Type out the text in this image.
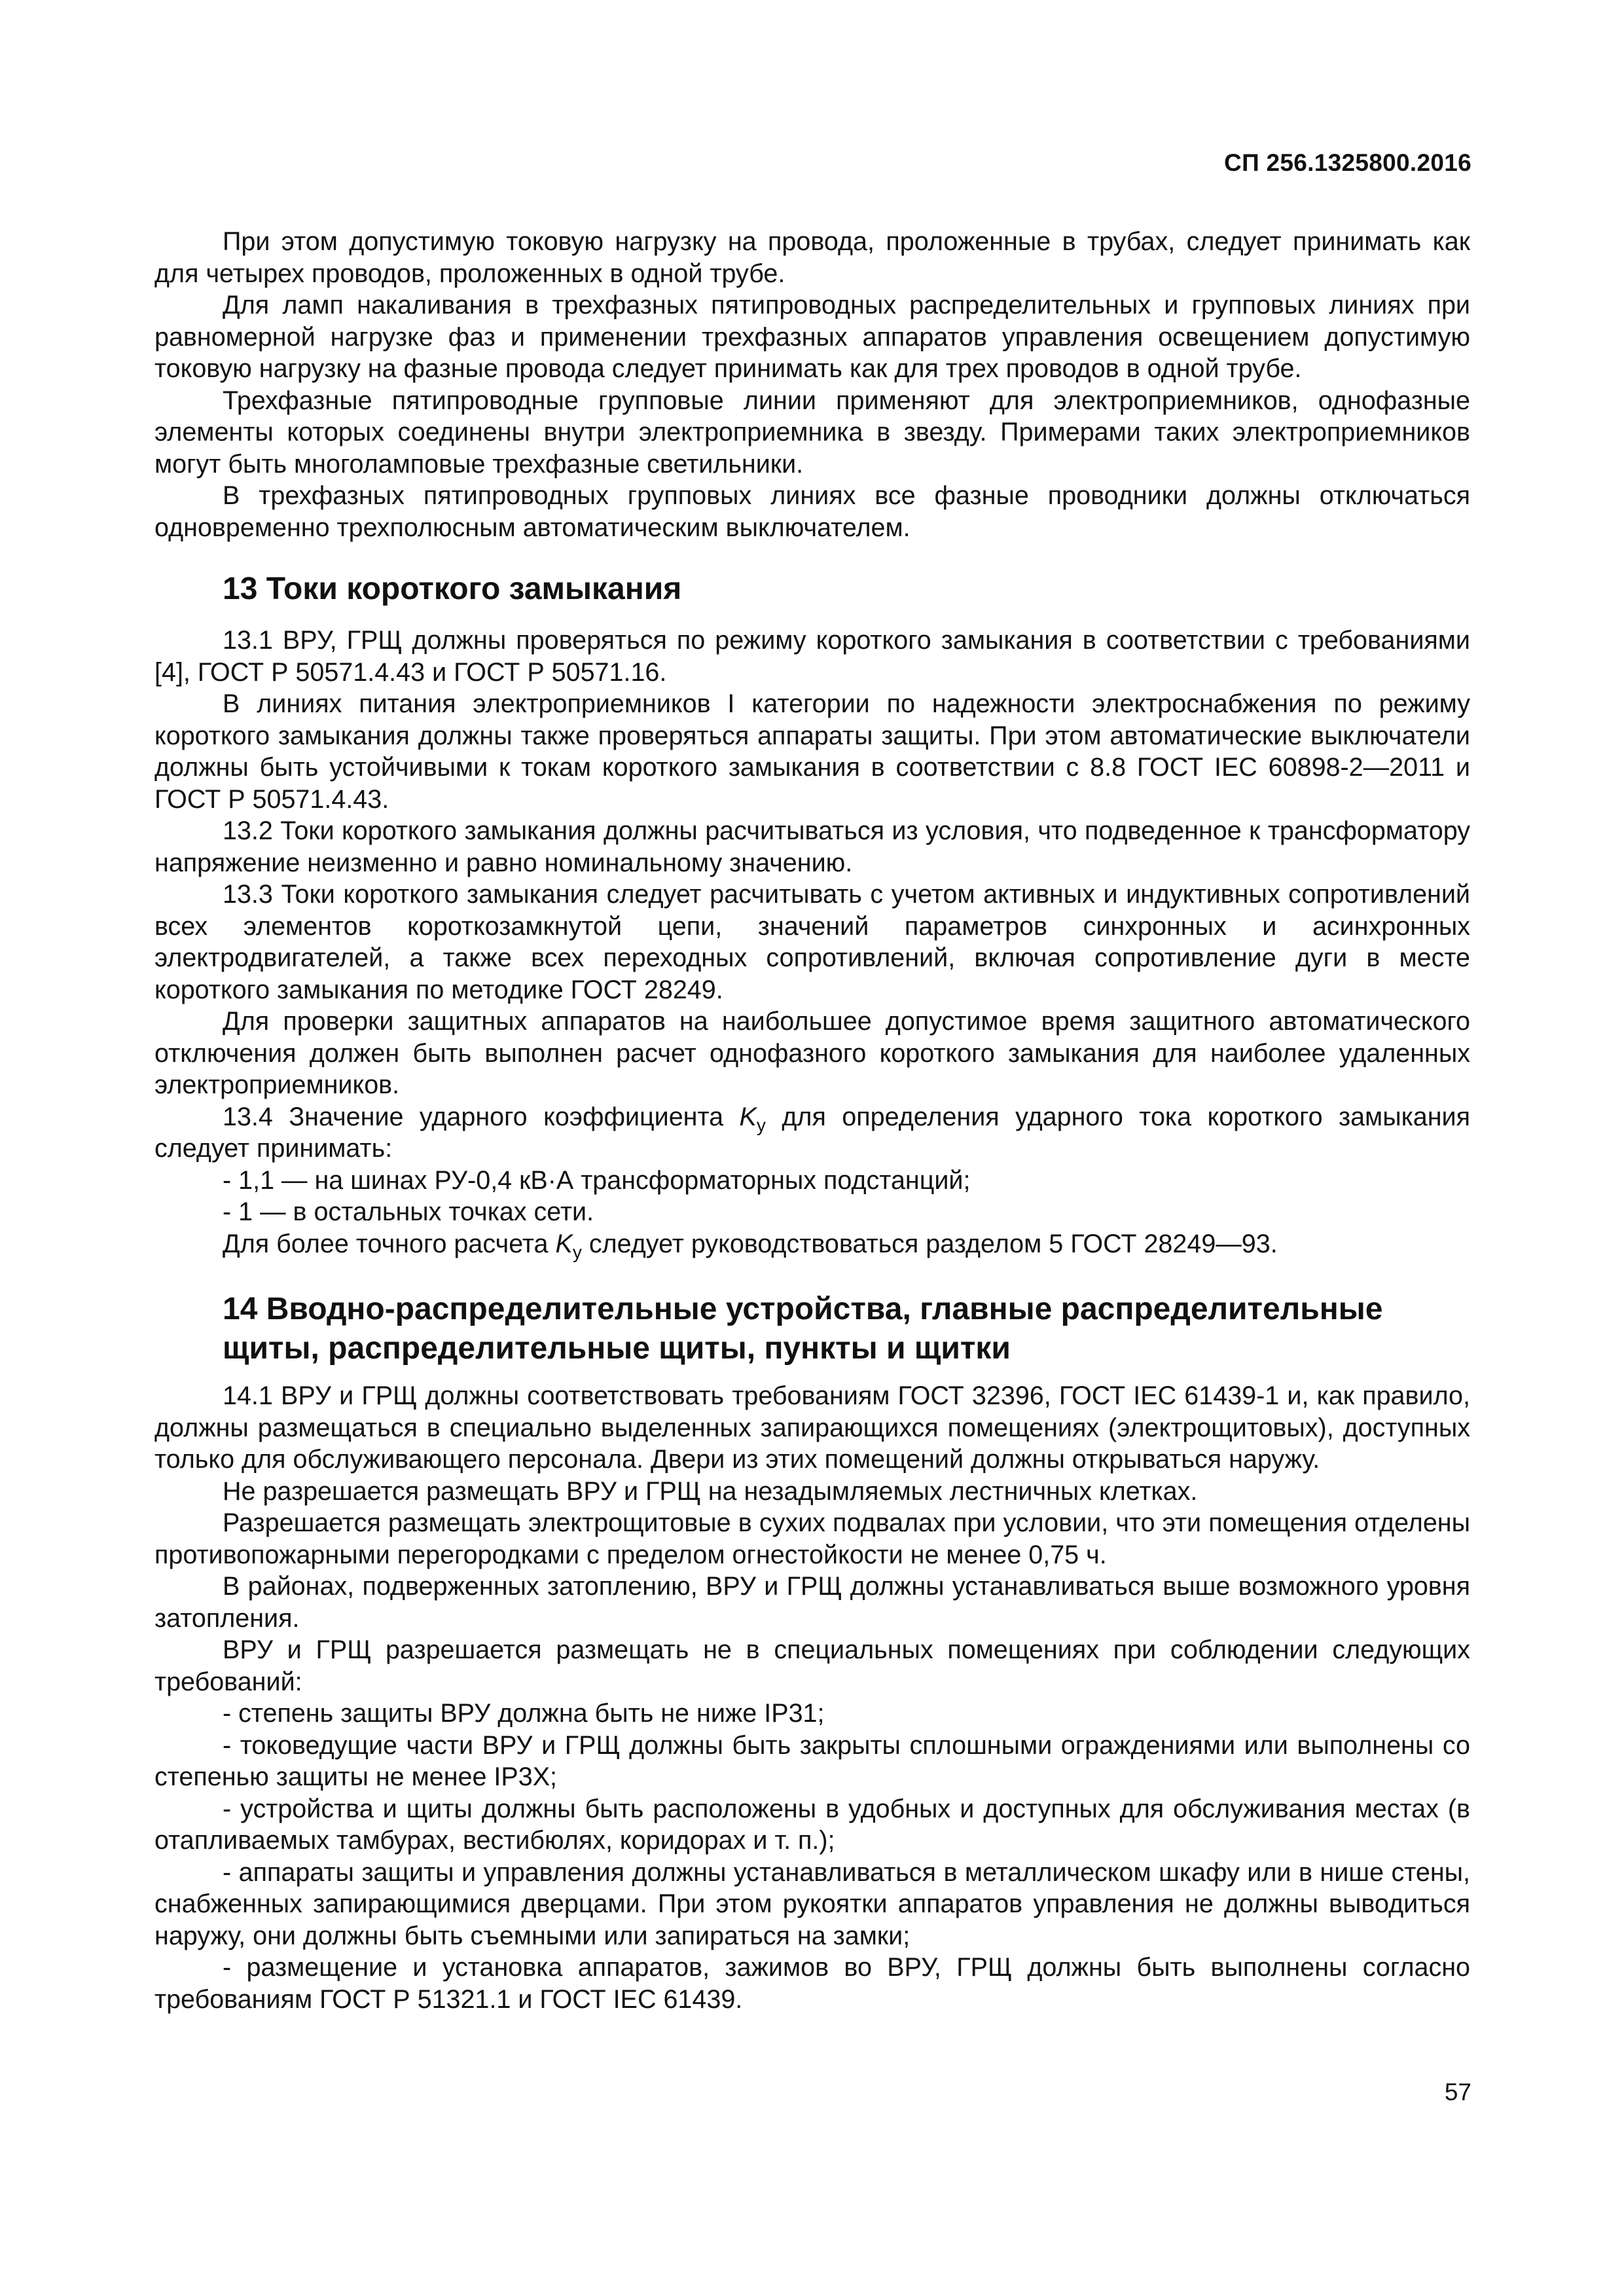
СП 256.1325800.2016

При этом допустимую токовую нагрузку на провода, проложенные в трубах, следует принимать как для четырех проводов, проложенных в одной трубе.

Для ламп накаливания в трехфазных пятипроводных распределительных и групповых линиях при равномерной нагрузке фаз и применении трехфазных аппаратов управления освещением допустимую токовую нагрузку на фазные провода следует принимать как для трех проводов в одной трубе.

Трехфазные пятипроводные групповые линии применяют для электроприемников, однофазные элементы которых соединены внутри электроприемника в звезду. Примерами таких электроприемников могут быть многоламповые трехфазные светильники.

В трехфазных пятипроводных групповых линиях все фазные проводники должны отключаться одновременно трехполюсным автоматическим выключателем.

13 Токи короткого замыкания

13.1 ВРУ, ГРЩ должны проверяться по режиму короткого замыкания в соответствии с требованиями [4], ГОСТ Р 50571.4.43 и ГОСТ Р 50571.16.

В линиях питания электроприемников I категории по надежности электроснабжения по режиму короткого замыкания должны также проверяться аппараты защиты. При этом автоматические выключатели должны быть устойчивыми к токам короткого замыкания в соответствии с 8.8 ГОСТ IEC 60898-2—2011 и ГОСТ Р 50571.4.43.

13.2 Токи короткого замыкания должны расчитываться из условия, что подведенное к трансформатору напряжение неизменно и равно номинальному значению.

13.3 Токи короткого замыкания следует расчитывать с учетом активных и индуктивных сопротивлений всех элементов короткозамкнутой цепи, значений параметров синхронных и асинхронных электродвигателей, а также всех переходных сопротивлений, включая сопротивление дуги в месте короткого замыкания по методике ГОСТ 28249.

Для проверки защитных аппаратов на наибольшее допустимое время защитного автоматического отключения должен быть выполнен расчет однофазного короткого замыкания для наиболее удаленных электроприемников.

13.4 Значение ударного коэффициента $K_у$ для определения ударного тока короткого замыкания следует принимать:

- 1,1 — на шинах РУ-0,4 кВ·А трансформаторных подстанций;

- 1 — в остальных точках сети.

Для более точного расчета $K_у$ следует руководствоваться разделом 5 ГОСТ 28249—93.

14 Вводно-распределительные устройства, главные распределительные щиты, распределительные щиты, пункты и щитки

14.1 ВРУ и ГРЩ должны соответствовать требованиям ГОСТ 32396, ГОСТ IEC 61439-1 и, как правило, должны размещаться в специально выделенных запирающихся помещениях (электрощитовых), доступных только для обслуживающего персонала. Двери из этих помещений должны открываться наружу.

Не разрешается размещать ВРУ и ГРЩ на незадымляемых лестничных клетках.

Разрешается размещать электрощитовые в сухих подвалах при условии, что эти помещения отделены противопожарными перегородками с пределом огнестойкости не менее 0,75 ч.

В районах, подверженных затоплению, ВРУ и ГРЩ должны устанавливаться выше возможного уровня затопления.

ВРУ и ГРЩ разрешается размещать не в специальных помещениях при соблюдении следующих требований:

- степень защиты ВРУ должна быть не ниже IP31;

- токоведущие части ВРУ и ГРЩ должны быть закрыты сплошными ограждениями или выполнены со степенью защиты не менее IP3X;

- устройства и щиты должны быть расположены в удобных и доступных для обслуживания местах (в отапливаемых тамбурах, вестибюлях, коридорах и т. п.);

- аппараты защиты и управления должны устанавливаться в металлическом шкафу или в нише стены, снабженных запирающимися дверцами. При этом рукоятки аппаратов управления не должны выводиться наружу, они должны быть съемными или запираться на замки;

- размещение и установка аппаратов, зажимов во ВРУ, ГРЩ должны быть выполнены согласно требованиям ГОСТ Р 51321.1 и ГОСТ IEC 61439.

57
